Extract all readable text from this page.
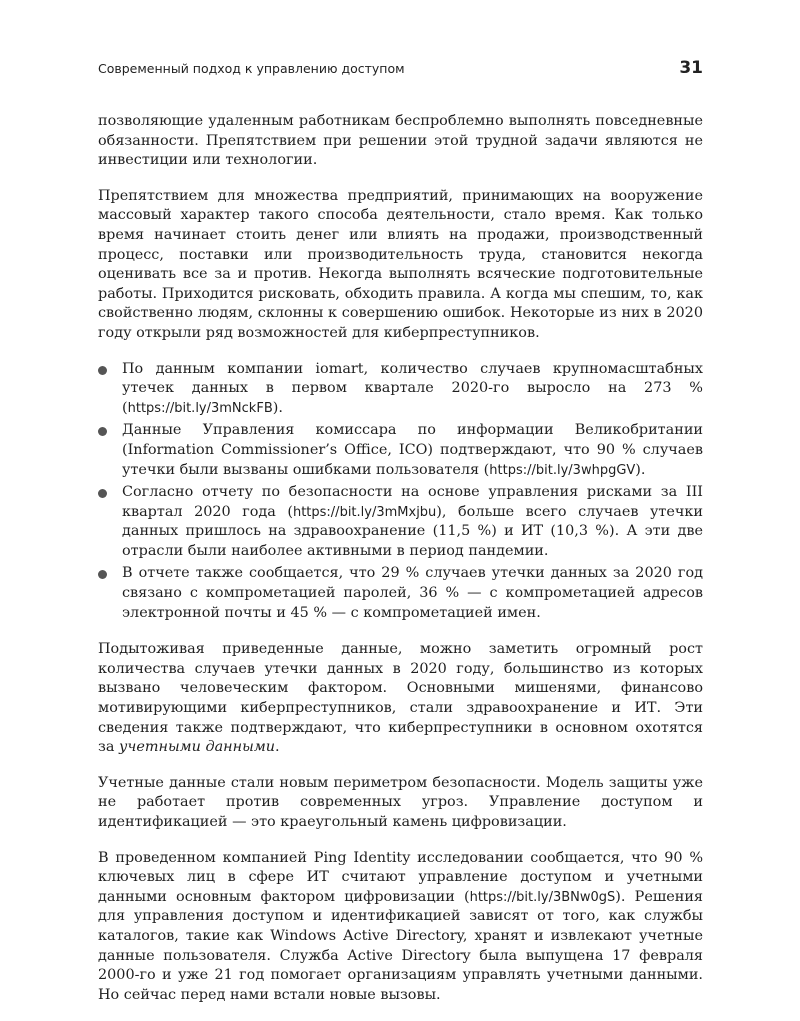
Современный подход к управлению доступом	31

позволяющие удаленным работникам беспроблемно выполнять повседневные обязанности. Препятствием при решении этой трудной задачи являются не инвестиции или технологии.

Препятствием для множества предприятий, принимающих на вооружение массовый характер такого способа деятельности, стало время. Как только время начинает стоить денег или влиять на продажи, производственный процесс, поставки или производительность труда, становится некогда оценивать все за и против. Некогда выполнять всяческие подготовительные работы. Приходится рисковать, обходить правила. А когда мы спешим, то, как свойственно людям, склонны к совершению ошибок. Некоторые из них в 2020 году открыли ряд возможностей для киберпреступников.

По данным компании iomart, количество случаев крупномасштабных утечек данных в первом квартале 2020-го выросло на 273 % (https://bit.ly/3mNckFB).
Данные Управления комиссара по информации Великобритании (Information Commissioner’s Office, ICO) подтверждают, что 90 % случаев утечки были вызваны ошибками пользователя (https://bit.ly/3whpgGV).
Согласно отчету по безопасности на основе управления рисками за III квартал 2020 года (https://bit.ly/3mMxjbu), больше всего случаев утечки данных пришлось на здравоохранение (11,5 %) и ИТ (10,3 %). А эти две отрасли были наиболее активными в период пандемии.
В отчете также сообщается, что 29 % случаев утечки данных за 2020 год связано с компрометацией паролей, 36 % — с компрометацией адресов электронной почты и 45 % — с компрометацией имен.

Подытоживая приведенные данные, можно заметить огромный рост количества случаев утечки данных в 2020 году, большинство из которых вызвано человеческим фактором. Основными мишенями, финансово мотивирующими киберпреступников, стали здравоохранение и ИТ. Эти сведения также подтверждают, что киберпреступники в основном охотятся за учетными данными.

Учетные данные стали новым периметром безопасности. Модель защиты уже не работает против современных угроз. Управление доступом и идентификацией — это краеугольный камень цифровизации.

В проведенном компанией Ping Identity исследовании сообщается, что 90 % ключевых лиц в сфере ИТ считают управление доступом и учетными данными основным фактором цифровизации (https://bit.ly/3BNw0gS). Решения для управления доступом и идентификацией зависят от того, как службы каталогов, такие как Windows Active Directory, хранят и извлекают учетные данные пользователя. Служба Active Directory была выпущена 17 февраля 2000-го и уже 21 год помогает организациям управлять учетными данными. Но сейчас перед нами встали новые вызовы.
